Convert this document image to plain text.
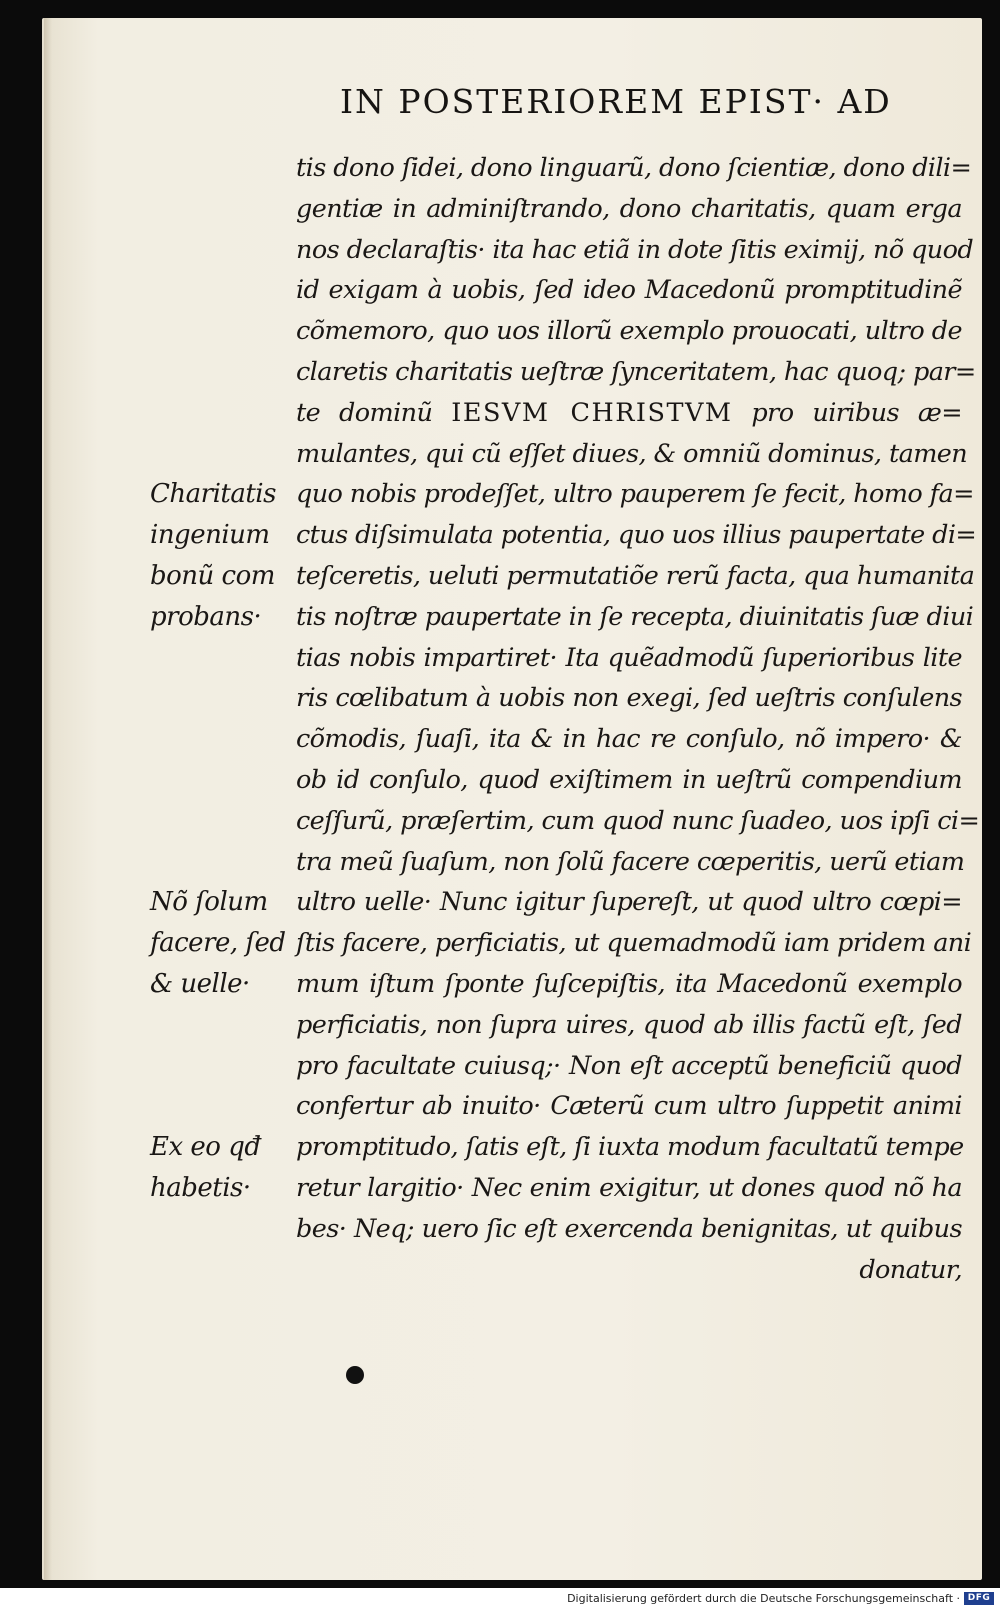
IN POSTERIOREM EPIST· AD
tis dono ſidei, dono linguarũ, dono ſcientiæ, dono dili=
gentiæ in adminiſtrando, dono charitatis, quam erga
nos declaraſtis· ita hac etiã in dote ſitis eximij, nõ quod
id exigam à uobis, ſed ideo Macedonũ promptitudinẽ
cõmemoro, quo uos illorũ exemplo prouocati, ultro de
claretis charitatis ueſtræ ſynceritatem, hac quoq; par=
te dominũ IESVM CHRISTVM pro uiribus æ=
mulantes, qui cũ eſſet diues, & omniũ dominus, tamen
quo nobis prodeſſet, ultro pauperem ſe fecit, homo fa=
ctus diſsimulata potentia, quo uos illius paupertate di=
teſceretis, ueluti permutatiõe rerũ facta, qua humanita
tis noſtræ paupertate in ſe recepta, diuinitatis ſuæ diui
tias nobis impartiret· Ita quẽadmodũ ſuperioribus lite
ris cœlibatum à uobis non exegi, ſed ueſtris conſulens
cõmodis, ſuaſi, ita & in hac re conſulo, nõ impero· &
ob id conſulo, quod exiſtimem in ueſtrũ compendium
ceſſurũ, præſertim, cum quod nunc ſuadeo, uos ipſi ci=
tra meũ ſuaſum, non ſolũ facere cœperitis, uerũ etiam
ultro uelle· Nunc igitur ſupereſt, ut quod ultro cœpi=
ſtis facere, perficiatis, ut quemadmodũ iam pridem ani
mum iſtum ſponte ſuſcepiſtis, ita Macedonũ exemplo
perficiatis, non ſupra uires, quod ab illis factũ eſt, ſed
pro facultate cuiusq;· Non eſt acceptũ beneficiũ quod
confertur ab inuito· Cæterũ cum ultro ſuppetit animi
promptitudo, ſatis eſt, ſi iuxta modum facultatũ tempe
retur largitio· Nec enim exigitur, ut dones quod nõ ha
bes· Neq; uero ſic eſt exercenda benignitas, ut quibus
donatur,
Charitatis
ingenium
bonũ com
probans·
Nõ ſolum
facere, ſed
& uelle·
Ex eo qđ
habetis·
Digitalisierung gefördert durch die Deutsche Forschungsgemeinschaft · DFG
